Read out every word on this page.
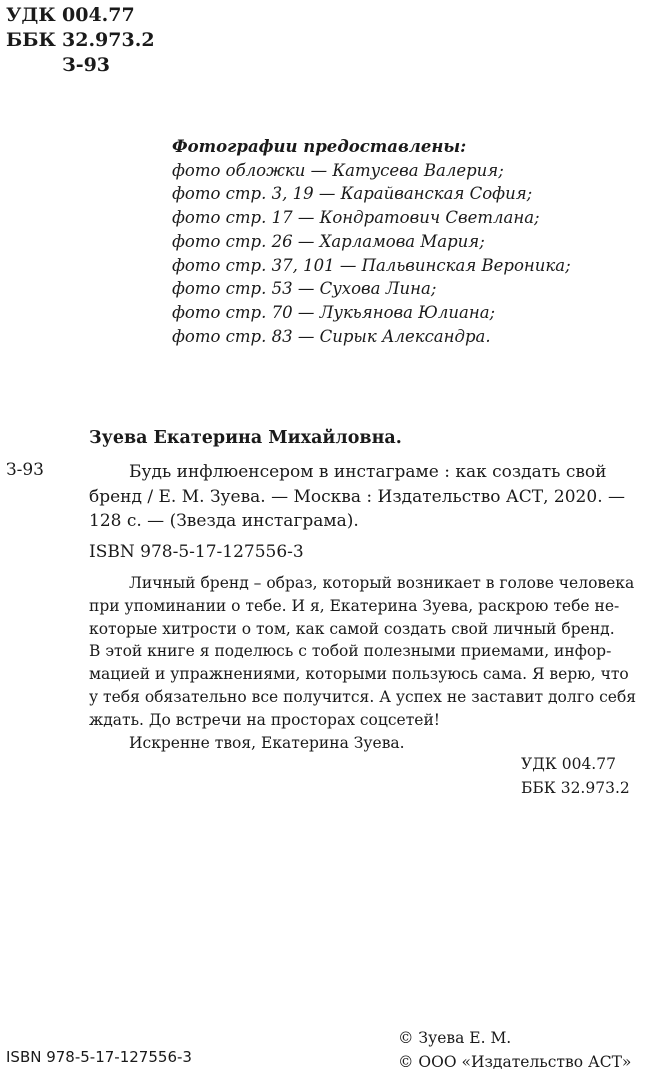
УДК 004.77
ББК 32.973.2
З-93
Фотографии предоставлены:
фото обложки — Катусева Валерия;
фото стр. 3, 19 — Карайванская София;
фото стр. 17 — Кондратович Светлана;
фото стр. 26 — Харламова Мария;
фото стр. 37, 101 — Пальвинская Вероника;
фото стр. 53 — Сухова Лина;
фото стр. 70 — Лукьянова Юлиана;
фото стр. 83 — Сирык Александра.
Зуева Екатерина Михайловна.
З-93	Будь инфлюенсером в инстаграме : как создать свой
бренд / Е. М. Зуева. — Москва : Издательство АСТ, 2020. —
128 с. — (Звезда инстаграма).
ISBN 978-5-17-127556-3
Личный бренд – образ, который возникает в голове человека
при упоминании о тебе. И я, Екатерина Зуева, раскрою тебе не-
которые хитрости о том, как самой создать свой личный бренд.
В этой книге я поделюсь с тобой полезными приемами, инфор-
мацией и упражнениями, которыми пользуюсь сама. Я верю, что
у тебя обязательно все получится. А успех не заставит долго себя
ждать. До встречи на просторах соцсетей!
Искренне твоя, Екатерина Зуева.
УДК 004.77
ББК 32.973.2
ISBN 978-5-17-127556-3
© Зуева Е. М.
© ООО «Издательство АСТ»
